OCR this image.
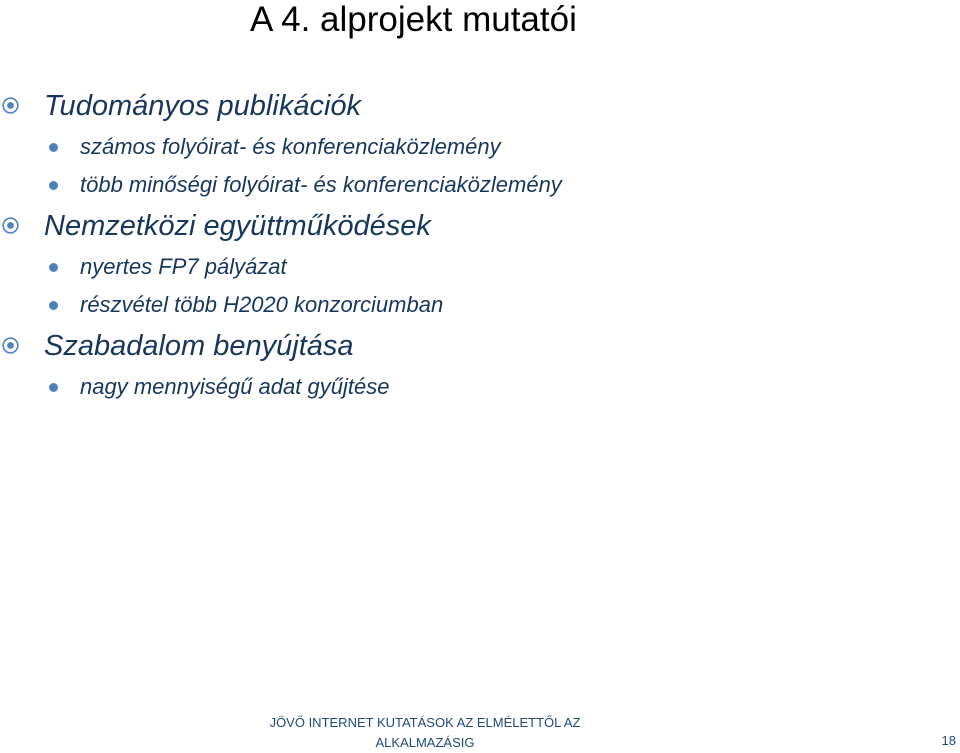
A 4. alprojekt mutatói
Tudományos publikációk
számos folyóirat- és konferenciaközlemény
több minőségi folyóirat- és konferenciaközlemény
Nemzetközi együttműködések
nyertes FP7 pályázat
részvétel több H2020 konzorciumban
Szabadalom benyújtása
nagy mennyiségű adat gyűjtése
JÖVŐ INTERNET KUTATÁSOK AZ ELMÉLETTŐL AZ
ALKALMAZÁSIG	18
